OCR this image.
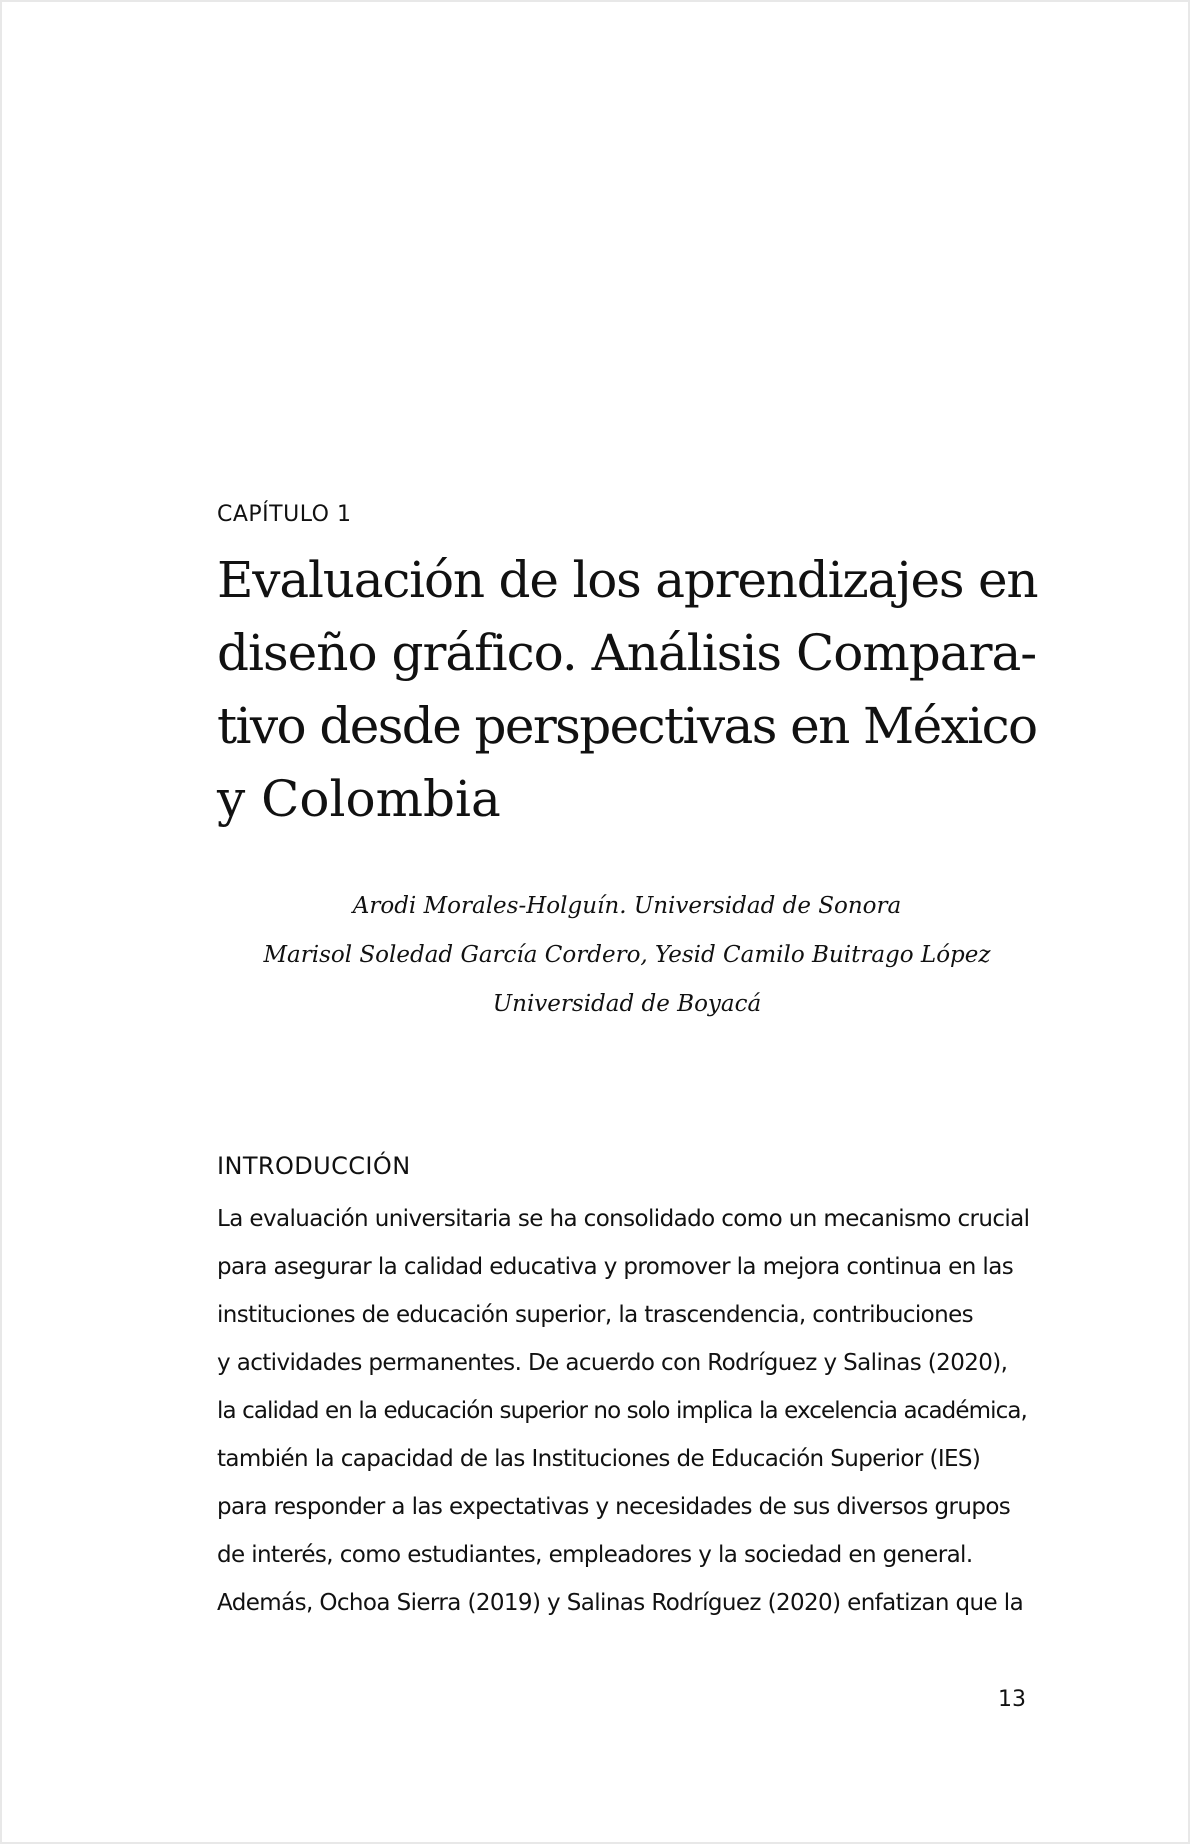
CAPÍTULO 1
Evaluación de los aprendizajes en
diseño gráfico. Análisis Compara-
tivo desde perspectivas en México
y Colombia
Arodi Morales-Holguín. Universidad de Sonora
Marisol Soledad García Cordero, Yesid Camilo Buitrago López
Universidad de Boyacá
INTRODUCCIÓN
La evaluación universitaria se ha consolidado como un mecanismo crucial
para asegurar la calidad educativa y promover la mejora continua en las
instituciones de educación superior, la trascendencia, contribuciones
y actividades permanentes. De acuerdo con Rodríguez y Salinas (2020),
la calidad en la educación superior no solo implica la excelencia académica,
también la capacidad de las Instituciones de Educación Superior (IES)
para responder a las expectativas y necesidades de sus diversos grupos
de interés, como estudiantes, empleadores y la sociedad en general.
Además, Ochoa Sierra (2019) y Salinas Rodríguez (2020) enfatizan que la
13
